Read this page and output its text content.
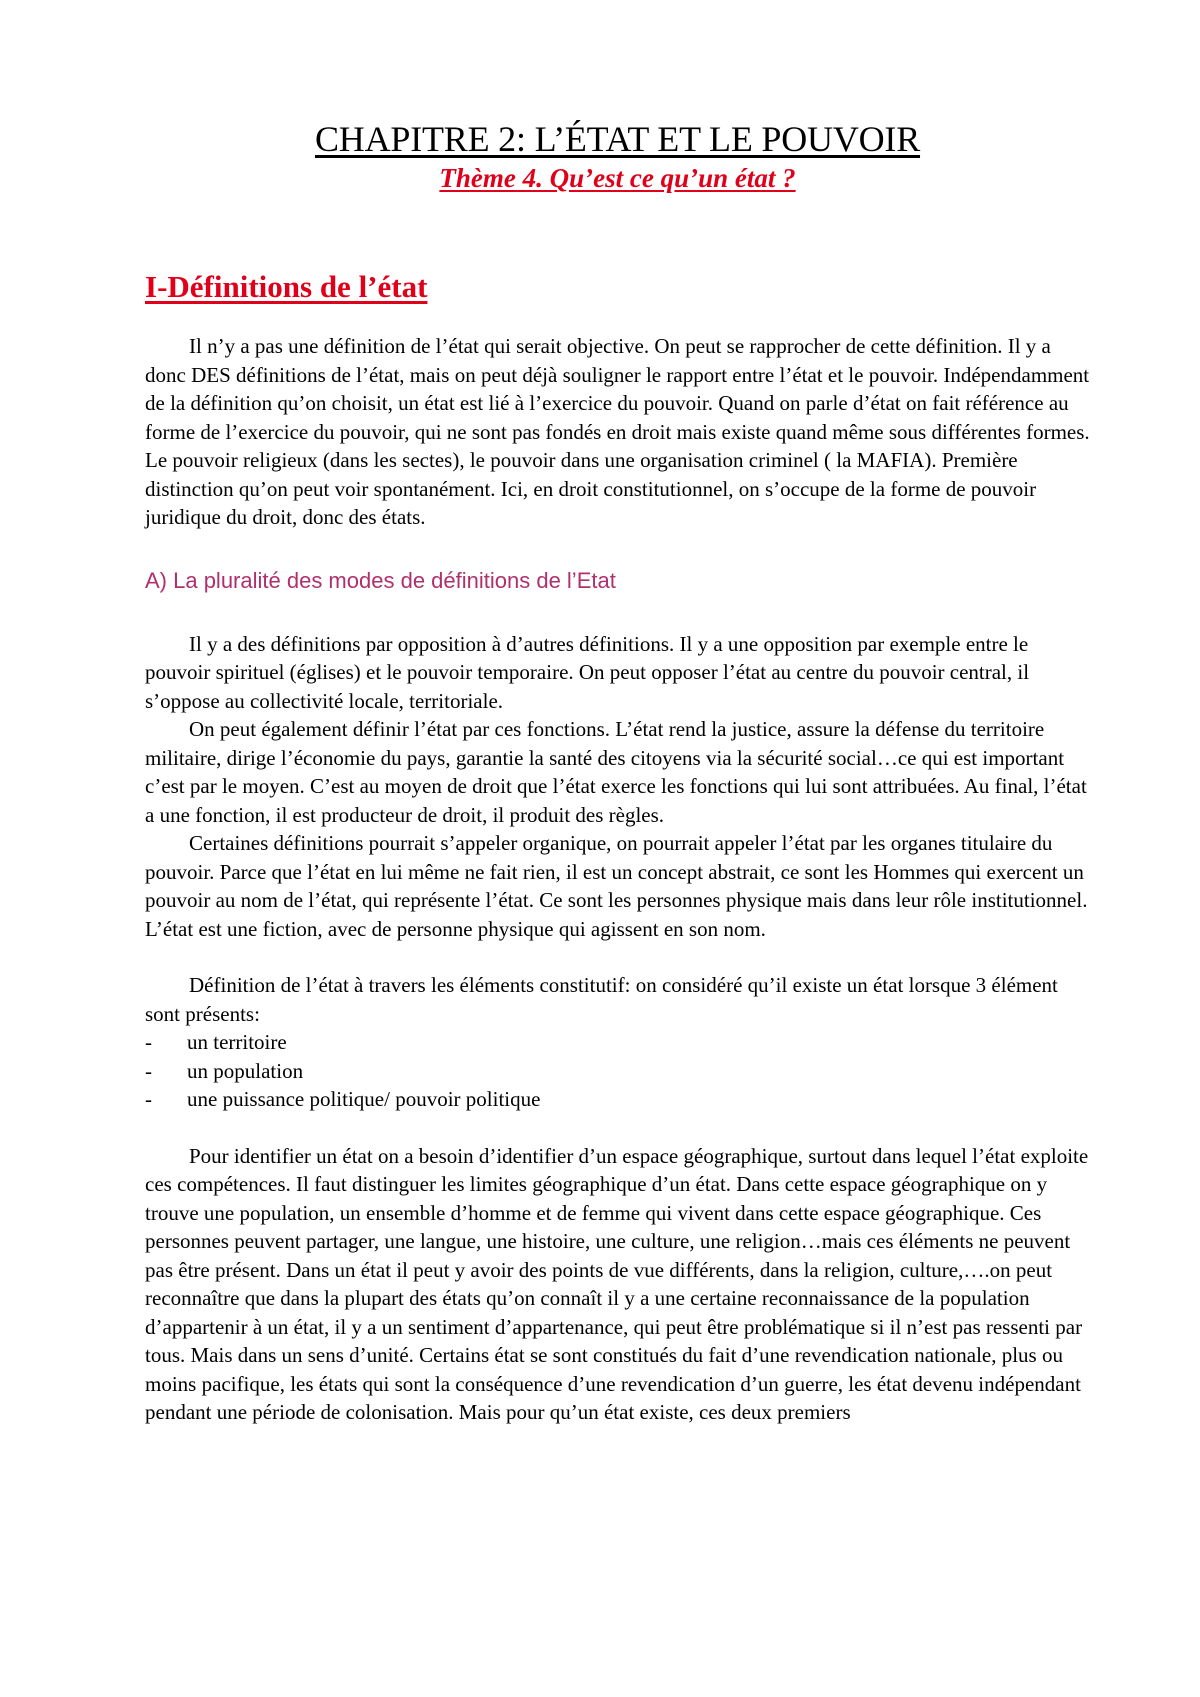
CHAPITRE 2: L’ÉTAT ET LE POUVOIR
Thème 4. Qu’est ce qu’un état ?
I-Définitions de l’état

Il n’y a pas une définition de l’état qui serait objective. On peut se rapprocher de cette définition. Il y a donc DES définitions de l’état, mais on peut déjà souligner le rapport entre l’état et le pouvoir. Indépendamment de la définition qu’on choisit, un état est lié à l’exercice du pouvoir. Quand on parle d’état on fait référence au forme de l’exercice du pouvoir, qui ne sont pas fondés en droit mais existe quand même sous différentes formes. Le pouvoir religieux (dans les sectes), le pouvoir dans une organisation criminel ( la MAFIA). Première distinction qu’on peut voir spontanément. Ici, en droit constitutionnel, on s’occupe de la forme de pouvoir juridique du droit, donc des états.

A) La pluralité des modes de définitions de l’Etat

Il y a des définitions par opposition à d’autres définitions. Il y a une opposition par exemple entre le pouvoir spirituel (églises) et le pouvoir temporaire. On peut opposer l’état au centre du pouvoir central, il s’oppose au collectivité locale, territoriale.

On peut également définir l’état par ces fonctions. L’état rend la justice, assure la défense du territoire militaire, dirige l’économie du pays, garantie la santé des citoyens via la sécurité social…ce qui est important c’est par le moyen. C’est au moyen de droit que l’état exerce les fonctions qui lui sont attribuées. Au final, l’état a une fonction, il est producteur de droit, il produit des règles.

Certaines définitions pourrait s’appeler organique, on pourrait appeler l’état par les organes titulaire du pouvoir. Parce que l’état en lui même ne fait rien, il est un concept abstrait, ce sont les Hommes qui exercent un pouvoir au nom de l’état, qui représente l’état. Ce sont les personnes physique mais dans leur rôle institutionnel. L’état est une fiction, avec de personne physique qui agissent en son nom.

Définition de l’état à travers les éléments constitutif: on considéré qu’il existe un état lorsque 3 élément sont présents:

- un territoire
- un population
- une puissance politique/ pouvoir politique

Pour identifier un état on a besoin d’identifier d’un espace géographique, surtout dans lequel l’état exploite ces compétences. Il faut distinguer les limites géographique d’un état. Dans cette espace géographique on y trouve une population, un ensemble d’homme et de femme qui vivent dans cette espace géographique. Ces personnes peuvent partager, une langue, une histoire, une culture, une religion…mais ces éléments ne peuvent pas être présent. Dans un état il peut y avoir des points de vue différents, dans la religion, culture,….on peut reconnaître que dans la plupart des états qu’on connaît il y a une certaine reconnaissance de la population d’appartenir à un état, il y a un sentiment d’appartenance, qui peut être problématique si il n’est pas ressenti par tous. Mais dans un sens d’unité. Certains état se sont constitués du fait d’une revendication nationale, plus ou moins pacifique, les états qui sont la conséquence d’une revendication d’un guerre, les état devenu indépendant pendant une période de colonisation. Mais pour qu’un état existe, ces deux premiers
